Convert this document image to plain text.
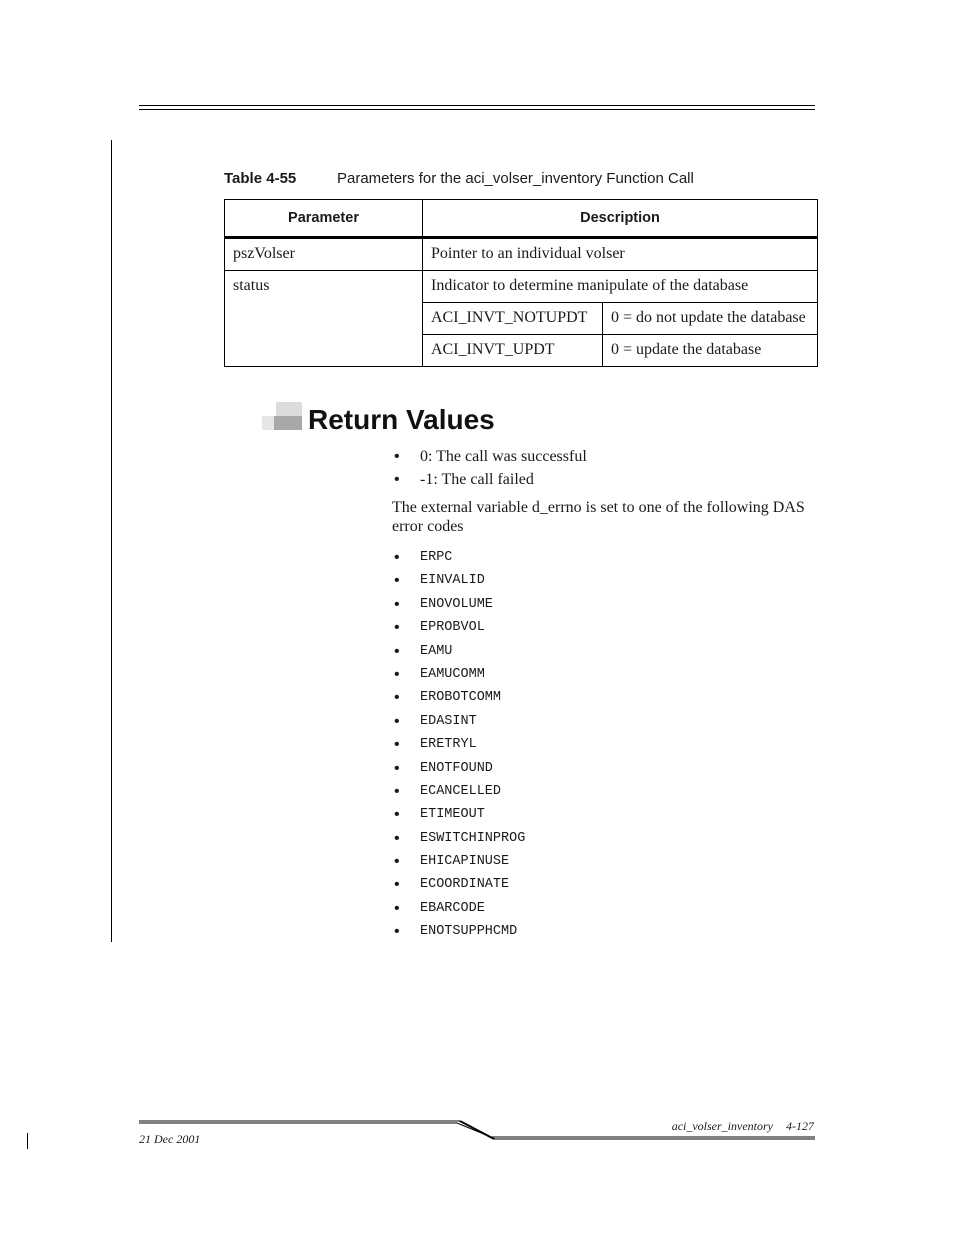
Table 4-55	Parameters for the aci_volser_inventory Function Call
Parameter	Description	
pszVolser	Pointer to an individual volser	
status	Indicator to determine manipulate of the database	
	ACI_INVT_NOTUPDT	0 = do not update the database
	ACI_INVT_UPDT	0 = update the database
Return Values
• 0: The call was successful
• -1: The call failed
The external variable d_errno is set to one of the following DAS error codes
• ERPC
• EINVALID
• ENOVOLUME
• EPROBVOL
• EAMU
• EAMUCOMM
• EROBOTCOMM
• EDASINT
• ERETRYL
• ENOTFOUND
• ECANCELLED
• ETIMEOUT
• ESWITCHINPROG
• EHICAPINUSE
• ECOORDINATE
• EBARCODE
• ENOTSUPPHCMD
aci_volser_inventory 4-127
21 Dec 2001
